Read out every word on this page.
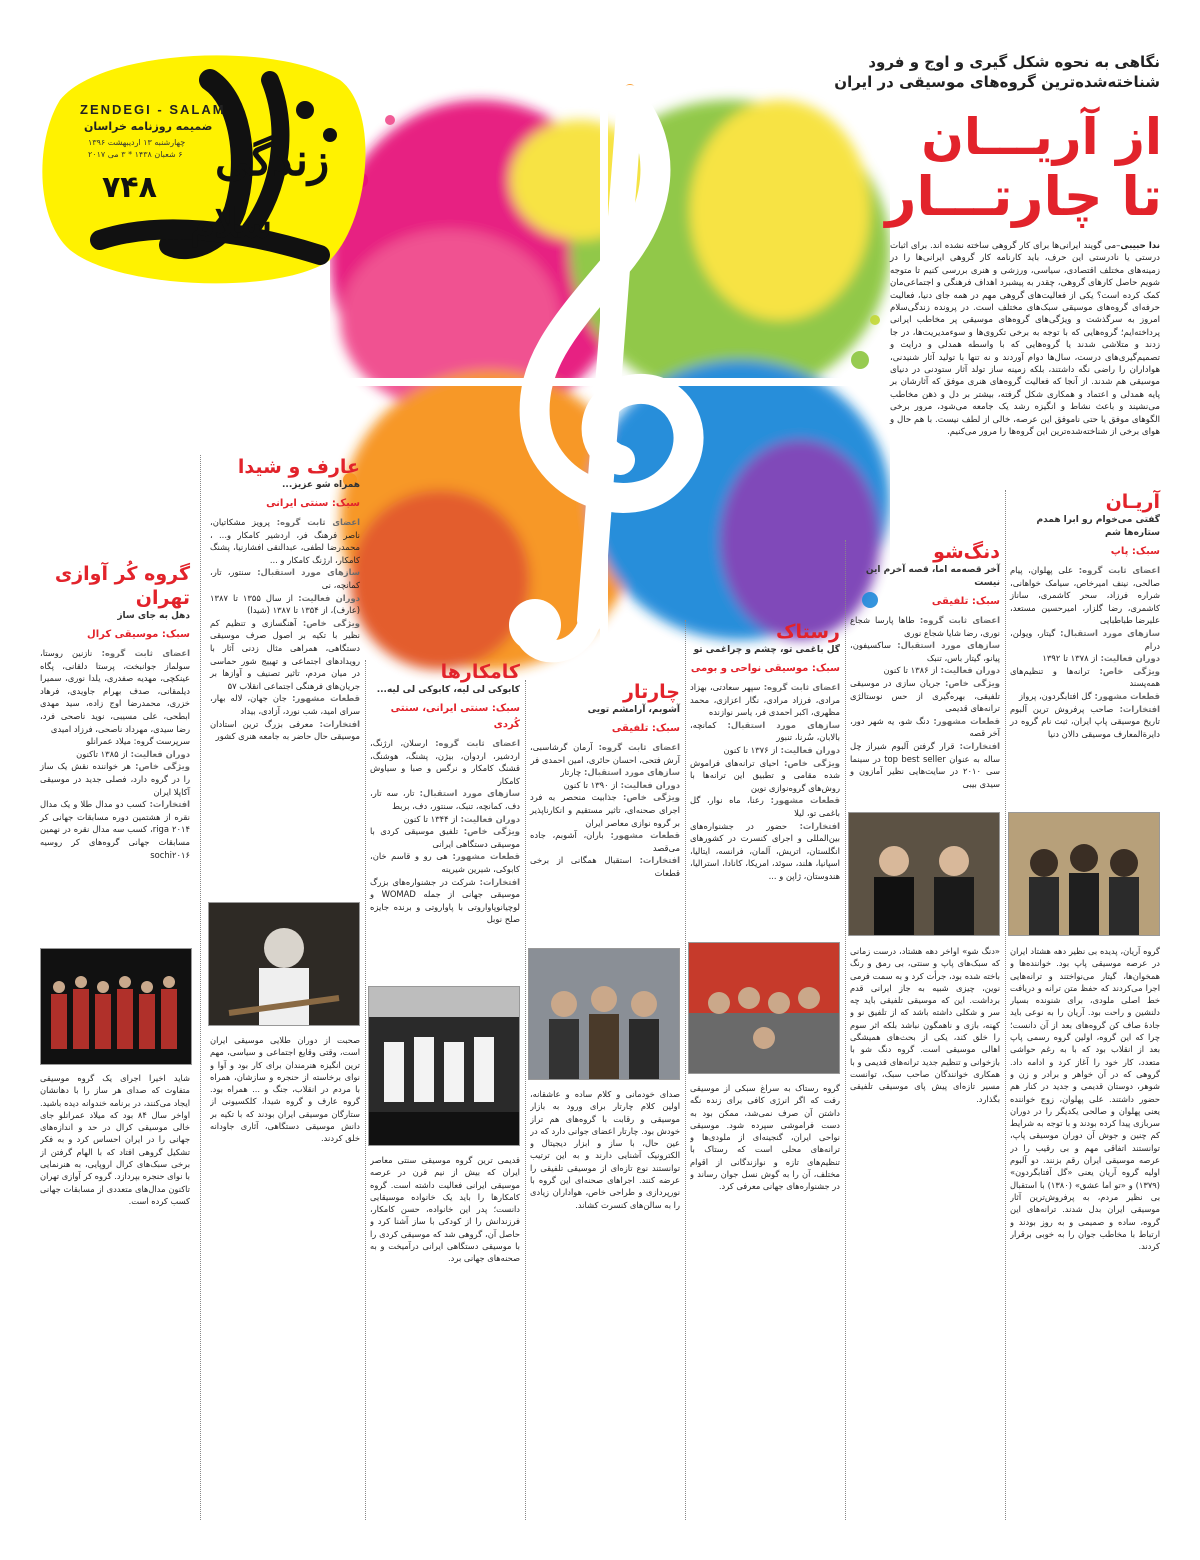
ZENDEGI - SALAM
ضمیمه روزنامه خراسان
چهارشنبه ۱۳ اردیبهشت ۱۳۹۶
۶ شعبان ۱۴۳۸ * ۳ می ۲۰۱۷
۷۴۸
زندگی
سلام
نگاهی به نحوه شکل گیری و اوج و فرود
شناخته‌شده‌ترین گروه‌های موسیقی در ایران
از آریـــان
تا چارتـــار
ندا حبیبی–می گویند ایرانی‌ها برای کار گروهی ساخته نشده اند. برای اثبات درستی یا نادرستی این حرف، باید کارنامه کار گروهی ایرانی‌ها را در زمینه‌های مختلف اقتصادی، سیاسی، ورزشی و هنری بررسی کنیم تا متوجه شویم حاصل کارهای گروهی، چقدر به پیشبرد اهداف فرهنگی و اجتماعی‌مان کمک کرده است؟ یکی از فعالیت‌های گروهی مهم در همه جای دنیا، فعالیت حرفه‌ای گروه‌های موسیقی سبک‌های مختلف است. در پرونده زندگی‌سلام امروز به سرگذشت و ویژگی‌های گروه‌های موسیقی پر مخاطب ایرانی پرداخته‌ایم؛ گروه‌هایی که با توجه به برخی تکروی‌ها و سوءمدیریت‌ها، در جا زدند و متلاشی شدند یا گروه‌هایی که با واسطه همدلی و درایت و تصمیم‌گیری‌های درست، سال‌ها دوام آوردند و نه تنها با تولید آثار شنیدنی، هواداران را راضی نگه داشتند، بلکه زمینه ساز تولد آثار ستودنی در دنیای موسیقی هم شدند. از آنجا که فعالیت گروه‌های هنری موفق که آثارشان بر پایه همدلی و اعتماد و همکاری شکل گرفته، بیشتر بر دل و ذهن مخاطب می‌نشیند و باعث نشاط و انگیزه رشد یک جامعه می‌شود، مرور برخی الگوهای موفق یا حتی ناموفق این عرصه، خالی از لطف نیست. با هم حال و هوای برخی از شناخته‌شده‌ترین این گروه‌ها را مرور می‌کنیم.
آریـان
گفتی می‌خوام رو ابرا همدم ستاره‌ها شم
سبک: پاپ
اعضای ثابت گروه: علی پهلوان، پیام صالحی، نینف امیرخاص، سیامک خواهانی، شراره فرزاد، سحر کاشمری، ساناز کاشمری، رضا گلزار، امیرحسین مستعد، علیرضا طباطبایی
سازهای مورد استقبال: گیتار، ویولن، درام
دوران فعالیت: از ۱۳۷۸ تا ۱۳۹۲
ویژگی خاص: ترانه‌ها و تنظیم‌های همه‌پسند
قطعات مشهور: گل افتابگردون، پرواز
افتخارات: صاحب پرفروش ترین آلبوم تاریخ موسیقی پاپ ایران، ثبت نام گروه در دایرةالمعارف موسیقی دالان دنیا
دنگ‌شو
آخر قصه‌مه اما، قصه آخرم این نیست
سبک: تلفیقی
اعضای ثابت گروه: طاها پارسا شجاع نوری، رضا شایا شجاع نوری
سازهای مورد استقبال: ساکسیفون، پیانو، گیتار باس، تنبک
دوران فعالیت: از ۱۳۸۶ تا کنون
ویژگی خاص: جریان سازی در موسیقی تلفیقی، بهره‌گیری از حس نوستالژی ترانه‌های قدیمی
قطعات مشهور: دنگ شو، یه شهر دور، آخر قصه
افتخارات: قرار گرفتن آلبوم شیراز چل ساله به عنوان top best seller در سینما سی ۲۰۱۰ در سایت‌هایی نظیر آمازون و سیدی بیبی
رستاک
گل باغمی تو، چشم و چراغمی تو
سبک: موسیقی نواحی و بومی
اعضای ثابت گروه: سپهر سعادتی، بهزاد مرادی، فرزاد مرادی، نگار اعزازی، محمد مظهری، اکبر احمدی فر، یاسر نوازنده
سازهای مورد استقبال: کمانچه، بالابان، سُرنا، تنبور
دوران فعالیت: از ۱۳۷۶ تا کنون
ویژگی خاص: احیای ترانه‌های فراموش شده مقامی و تطبیق این ترانه‌ها با روش‌های گروه‌نوازی نوین
قطعات مشهور: رعنا، ماه نوار، گل باغمی تو، لیلا
افتخارات: حضور در جشنواره‌های بین‌المللی و اجرای کنسرت در کشورهای انگلستان، اتریش، آلمان، فرانسه، ایتالیا، اسپانیا، هلند، سوئد، امریکا، کانادا، استرالیا، هندوستان، ژاپن و ...
چارتار
آشوبم، آرامشم تویی
سبک: تلفیقی
اعضای ثابت گروه: آرمان گرشاسبی، آرش فتحی، احسان حائری، امین احمدی فر
سازهای مورد استقبال: چارتار
دوران فعالیت: از ۱۳۹۰ تا کنون
ویژگی خاص: جذابیت منحصر به فرد اجرای صحنه‌ای، تاثیر مستقیم و انکارناپذیر بر گروه نوازی معاصر ایران
قطعات مشهور: باران، آشوبم، جاده می‌قصد
افتخارات: استقبال همگانی از برخی قطعات
کامکارها
کابوکی لی لیه، کابوکی لی لیه...
سبک: سنتی ایرانی، سنتی کُردی
اعضای ثابت گروه: ارسلان، ارژنگ، اردشیر، اردوان، بیژن، پشنگ، هوشنگ، قشنگ کامکار و نرگس و صبا و سیاوش کامکار
سازهای مورد استقبال: تار، سه تار، دف، کمانچه، تنبک، سنتور، دف، بربط
دوران فعالیت: از ۱۳۴۴ تا کنون
ویژگی خاص: تلفیق موسیقی کردی با موسیقی دستگاهی ایرانی
قطعات مشهور: هی رو و قاسم خان، کابوکی، شیرین شیرینه
افتخارات: شرکت در جشنواره‌های بزرگ موسیقی جهانی از جمله WOMAD و لوچیانوپاواروتی با پاواروتی و برنده جایزه صلح نوبل
عارف و شیدا
همراه شو عزیز...
سبک: سنتی ایرانی
اعضای ثابت گروه: پرویز مشکاتیان، ناصر فرهنگ فر، اردشیر کامکار و... ، محمدرضا لطفی، عبدالنقی افشارنیا، پشنگ کامکار، ارژنگ کامکار و ...
سازهای مورد استقبال: سنتور، تار، کمانچه، نی
دوران فعالیت: از سال ۱۳۵۵ تا ۱۳۸۷ (عارف)، از ۱۳۵۴ تا ۱۳۸۷ (شیدا)
ویژگی خاص: آهنگسازی و تنظیم کم نظیر با تکیه بر اصول صرف موسیقی دستگاهی، همراهی مثال زدنی آثار با رویدادهای اجتماعی و تهییج شور حماسی در میان مردم، تاثیر تصنیف و آوازها بر جریان‌های فرهنگی اجتماعی انقلاب ۵۷
قطعات مشهور: جان جهان، لاله بهار، سرای امید، شب نورد، آزادی، بیداد
افتخارات: معرفی بزرگ ترین استادان موسیقی حال حاضر به جامعه هنری کشور
گروه کُر آوازی
تهران
دهل به جای ساز
سبک: موسیقی کرال
اعضای ثابت گروه: نازنین روستا، سولماز جوانبخت، پرستا دلقانی، پگاه عینکچی، مهدیه صفدری، یلدا نوری، سمیرا دیلمقانی، صدف بهرام جاویدی، فرهاد خزری، محمدرضا اوج زاده، سید مهدی ابطحی، علی مسیبی، نوید ناصحی فرد، رضا سیدی، مهرداد ناصحی، فرزاد امیدی
سرپرست گروه: میلاد عمرانلو
دوران فعالیت: از ۱۳۸۵ تاکنون
ویژگی خاص: هر خواننده نقش یک ساز را در گروه دارد، فصلی جدید در موسیقی آکاپلا ایران
افتخارات: کسب دو مدال طلا و یک مدال نقره از هشتمین دوره مسابقات جهانی کر riga ۲۰۱۴، کسب سه مدال نقره در نهمین مسابقات جهانی گروه‌های کر روسیه sochi۲۰۱۶
گروه آریان، پدیده بی نظیر دهه هشتاد ایران در عرصه موسیقی پاپ بود. خواننده‌ها و همخوان‌ها، گیتار می‌نواختند و ترانه‌هایی اجرا می‌کردند که حفظ متن ترانه و دریافت خط اصلی ملودی، برای شنونده بسیار دلنشین و راحت بود. آریان را به نوعی باید جادهٔ صاف کن گروه‌های بعد از آن دانست؛ چرا که این گروه، اولین گروه رسمی پاپ بعد از انقلاب بود که با به رغم حواشی متعدد، کار خود را آغاز کرد و ادامه داد. گروهی که در آن خواهر و برادر و زن و شوهر، دوستان قدیمی و جدید در کنار هم حضور داشتند. علی پهلوان، زوج خواننده یعنی پهلوان و صالحی یکدیگر را در دوران سربازی پیدا کرده بودند و با توجه به شرایط کم چنین و جوش آن دوران موسیقی پاپ، توانستند اتفاقی مهم و بی رقیب را در عرصه موسیقی ایران رقم بزنند. دو آلبوم اولیه گروه آریان یعنی «گل آفتابگردون» (۱۳۷۹) و «تو اما عشق» (۱۳۸۰) با استقبال بی نظیر مردم، به پرفروش‌ترین آثار موسیقی ایران بدل شدند. ترانه‌های این گروه، ساده و صمیمی و به روز بودند و ارتباط با مخاطب جوان را به خوبی برقرار کردند.
«دنگ شو» اواخر دهه هشتاد، درست زمانی که سبک‌های پاپ و سنتی، بی رمق و رنگ باخته شده بود، جرأت کرد و به سمت فرمی نوین، چیزی شبیه به جاز ایرانی قدم برداشت. این که موسیقی تلفیقی باید چه سر و شکلی داشته باشد که از تلفیق نو و کهنه، بازی و ناهمگون نباشد بلکه اثر سوم را خلق کند، یکی از بحث‌های همیشگی اهالی موسیقی است. گروه دنگ شو با بازخوانی و تنظیم جدید ترانه‌های قدیمی و با همکاری خوانندگان صاحب سبک، توانست مسیر تازه‌ای پیش پای موسیقی تلفیقی بگذارد.
گروه رستاک به سراغ سبکی از موسیقی رفت که اگر انرژی کافی برای زنده نگه داشتن آن صرف نمی‌شد، ممکن بود به دست فراموشی سپرده شود. موسیقی نواحی ایران، گنجینه‌ای از ملودی‌ها و ترانه‌های محلی است که رستاک با تنظیم‌های تازه و نوازندگانی از اقوام مختلف، آن را به گوش نسل جوان رساند و در جشنواره‌های جهانی معرفی کرد.
صدای خودمانی و کلام ساده و عاشقانه، اولین کلام چارتار برای ورود به بازار موسیقی و رقابت با گروه‌های هم تراز خودش بود. چارتار اعضای جوانی دارد که در عین حال، با ساز و ابزار دیجیتال و الکترونیک آشنایی دارند و به این ترتیب توانستند نوع تازه‌ای از موسیقی تلفیقی را عرضه کنند. اجراهای صحنه‌ای این گروه با نورپردازی و طراحی خاص، هواداران زیادی را به سالن‌های کنسرت کشاند.
قدیمی ترین گروه موسیقی سنتی معاصر ایران که بیش از نیم قرن در عرصه موسیقی ایرانی فعالیت داشته است. گروه کامکارها را باید یک خانواده موسیقایی دانست؛ پدر این خانواده، حسن کامکار، فرزندانش را از کودکی با ساز آشنا کرد و حاصل آن، گروهی شد که موسیقی کردی را با موسیقی دستگاهی ایرانی درآمیخت و به صحنه‌های جهانی برد.
صحبت از دوران طلایی موسیقی ایران است، وقتی وقایع اجتماعی و سیاسی، مهم ترین انگیزه هنرمندان برای کار بود و آوا و نوای برخاسته از حنجره و سازشان، همراه با مردم در انقلاب، جنگ و ... همراه بود. گروه عارف و گروه شیدا، کلکسیونی از ستارگان موسیقی ایران بودند که با تکیه بر دانش موسیقی دستگاهی، آثاری جاودانه خلق کردند.
شاید اخیرا اجرای یک گروه موسیقی متفاوت که صدای هر ساز را با دهانشان ایجاد می‌کنند، در برنامه خندوانه دیده باشید. اواخر سال ۸۴ بود که میلاد عمرانلو جای خالی موسیقی کرال در حد و اندازه‌های جهانی را در ایران احساس کرد و به فکر تشکیل گروهی افتاد که با الهام گرفتن از برخی سبک‌های کرال اروپایی، به هنرنمایی با نوای حنجره بپردازد. گروه کر آوازی تهران تاکنون مدال‌های متعددی از مسابقات جهانی کسب کرده است.
